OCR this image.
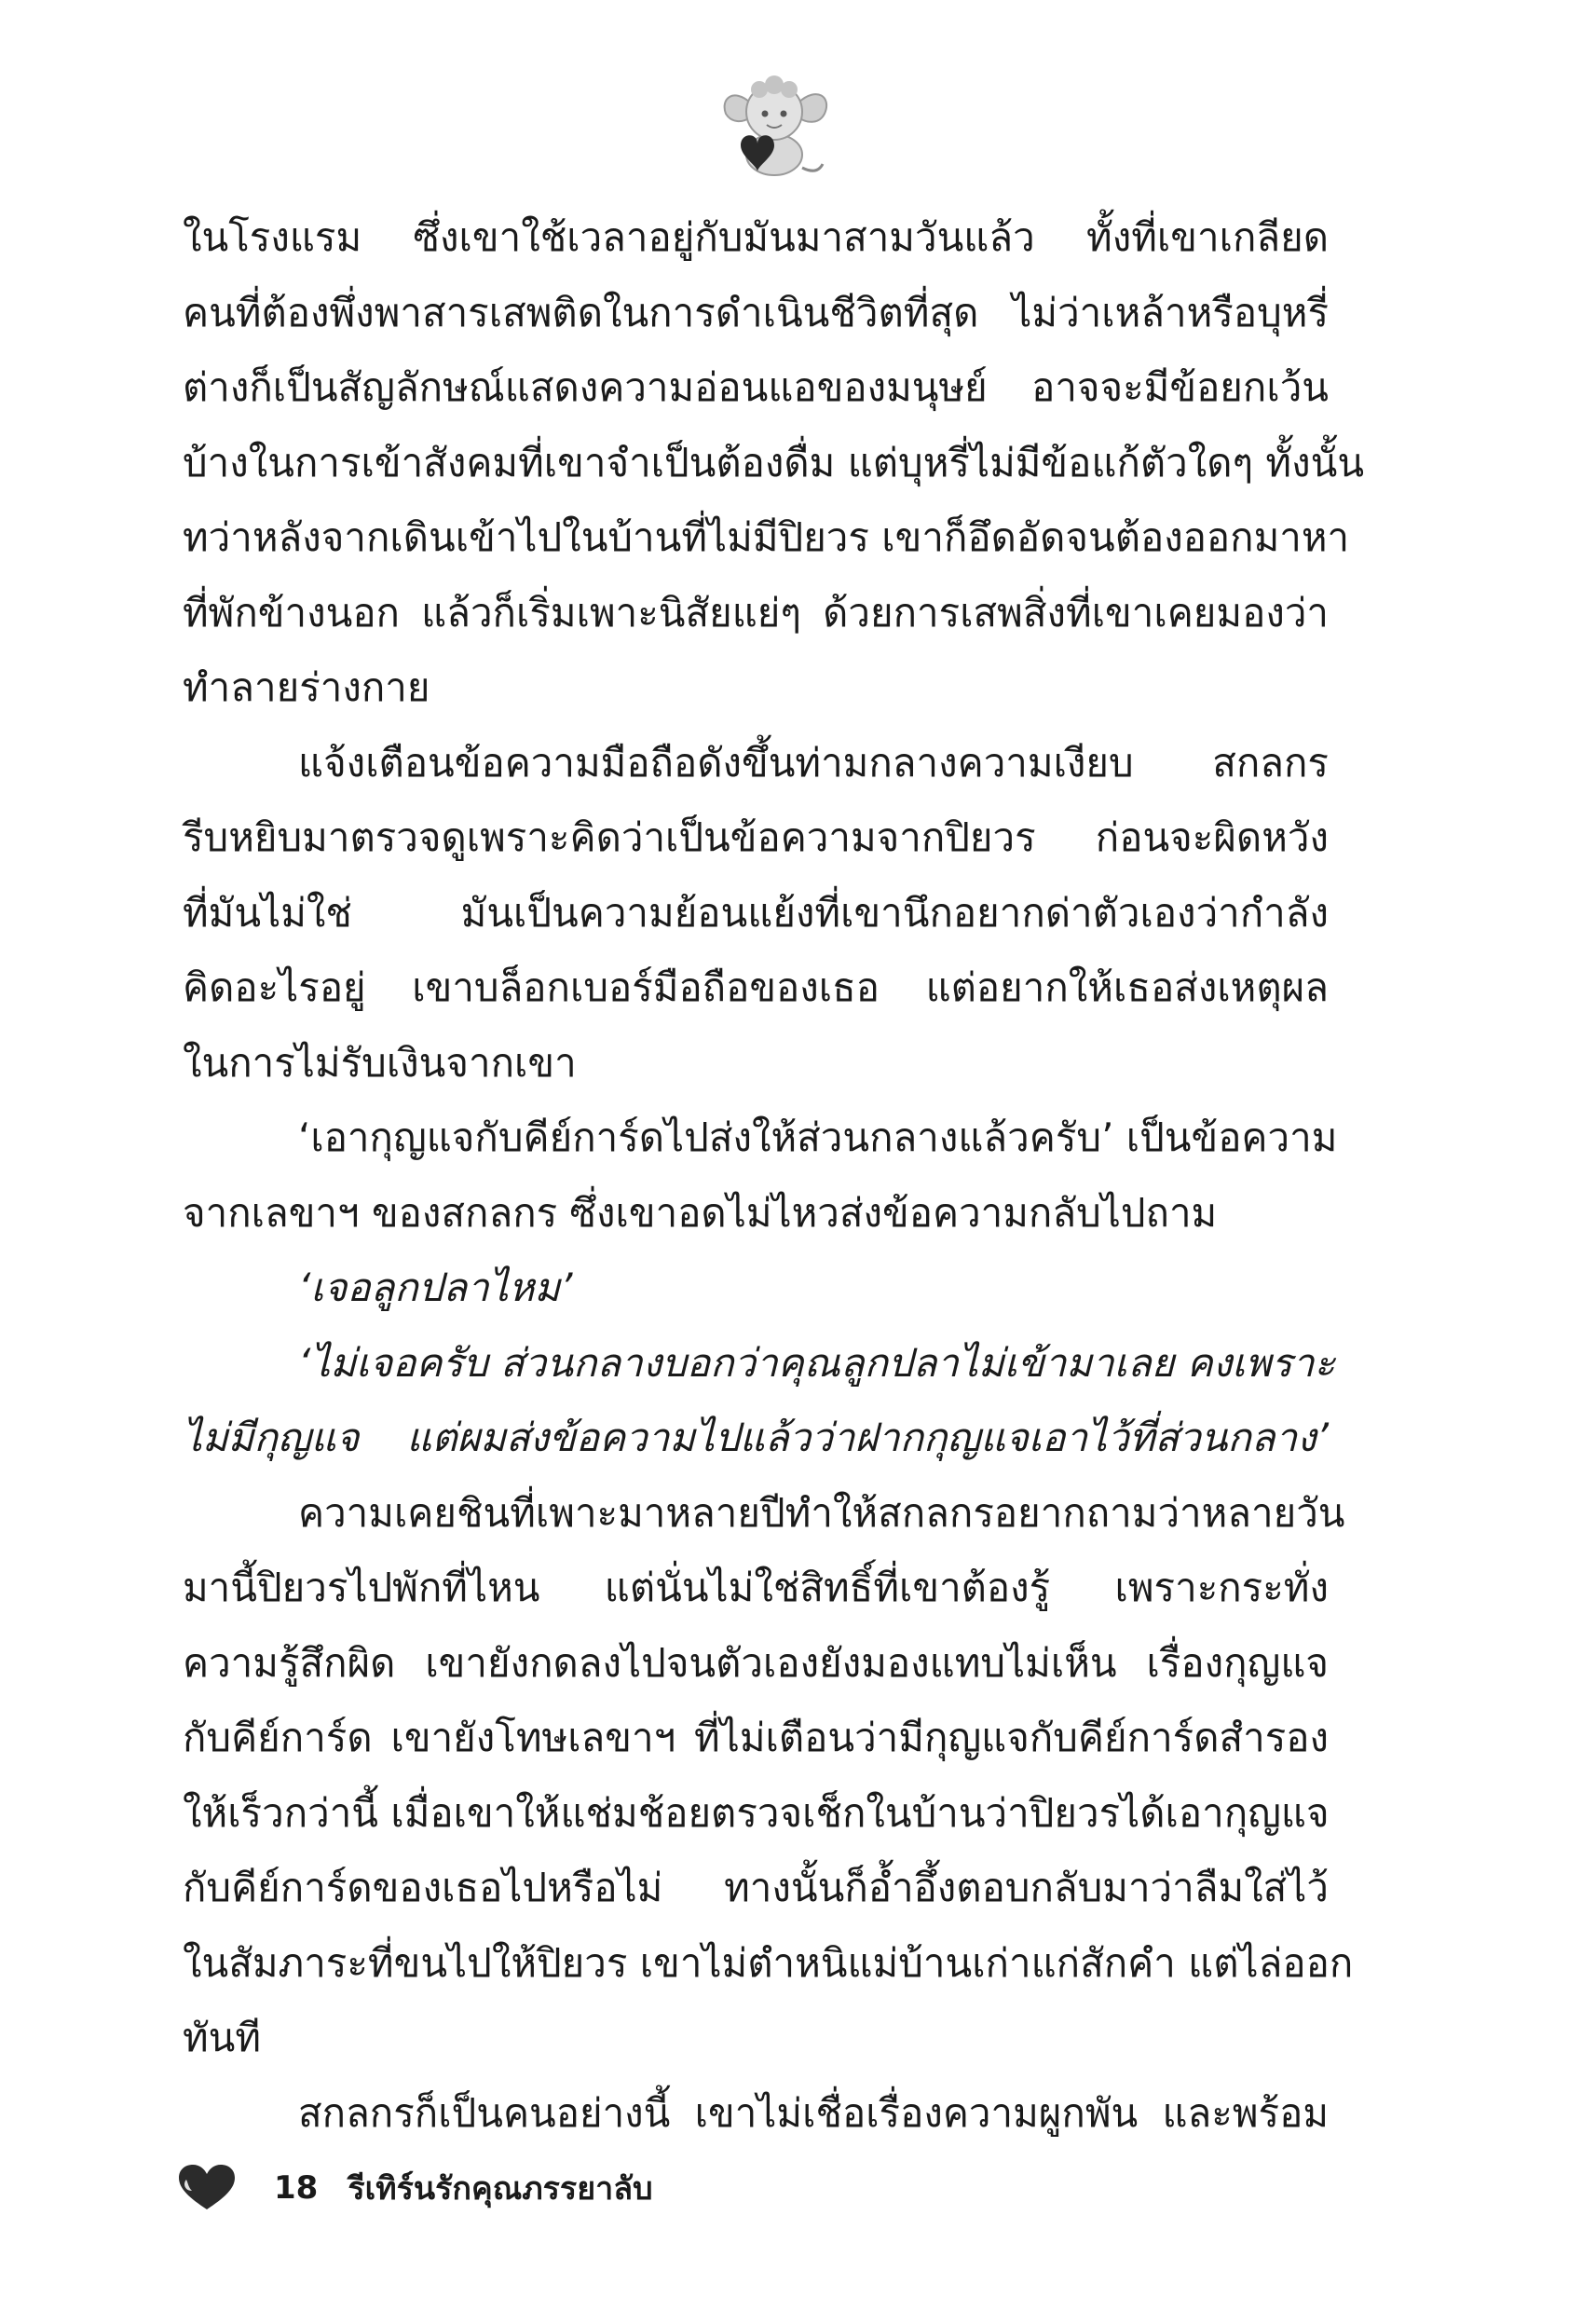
ในโรงแรม ซึ่งเขาใช้เวลาอยู่กับมันมาสามวันแล้ว ทั้งที่เขาเกลียด
คนที่ต้องพึ่งพาสารเสพติดในการดำเนินชีวิตที่สุด ไม่ว่าเหล้าหรือบุหรี่
ต่างก็เป็นสัญลักษณ์แสดงความอ่อนแอของมนุษย์ อาจจะมีข้อยกเว้น
บ้างในการเข้าสังคมที่เขาจำเป็นต้องดื่ม แต่บุหรี่ไม่มีข้อแก้ตัวใดๆ ทั้งนั้น
ทว่าหลังจากเดินเข้าไปในบ้านที่ไม่มีปิยวร เขาก็อึดอัดจนต้องออกมาหา
ที่พักข้างนอก แล้วก็เริ่มเพาะนิสัยแย่ๆ ด้วยการเสพสิ่งที่เขาเคยมองว่า
ทำลายร่างกาย
แจ้งเตือนข้อความมือถือดังขึ้นท่ามกลางความเงียบ สกลกร
รีบหยิบมาตรวจดูเพราะคิดว่าเป็นข้อความจากปิยวร ก่อนจะผิดหวัง
ที่มันไม่ใช่ มันเป็นความย้อนแย้งที่เขานึกอยากด่าตัวเองว่ากำลัง
คิดอะไรอยู่ เขาบล็อกเบอร์มือถือของเธอ แต่อยากให้เธอส่งเหตุผล
ในการไม่รับเงินจากเขา
‘เอากุญแจกับคีย์การ์ดไปส่งให้ส่วนกลางแล้วครับ’ เป็นข้อความ
จากเลขาฯ ของสกลกร ซึ่งเขาอดไม่ไหวส่งข้อความกลับไปถาม
‘เจอลูกปลาไหม’
‘ไม่เจอครับ ส่วนกลางบอกว่าคุณลูกปลาไม่เข้ามาเลย คงเพราะ
ไม่มีกุญแจ แต่ผมส่งข้อความไปแล้วว่าฝากกุญแจเอาไว้ที่ส่วนกลาง’
ความเคยชินที่เพาะมาหลายปีทำให้สกลกรอยากถามว่าหลายวัน
มานี้ปิยวรไปพักที่ไหน แต่นั่นไม่ใช่สิทธิ์ที่เขาต้องรู้ เพราะกระทั่ง
ความรู้สึกผิด เขายังกดลงไปจนตัวเองยังมองแทบไม่เห็น เรื่องกุญแจ
กับคีย์การ์ด เขายังโทษเลขาฯ ที่ไม่เตือนว่ามีกุญแจกับคีย์การ์ดสำรอง
ให้เร็วกว่านี้ เมื่อเขาให้แช่มช้อยตรวจเช็กในบ้านว่าปิยวรได้เอากุญแจ
กับคีย์การ์ดของเธอไปหรือไม่ ทางนั้นก็อ้ำอึ้งตอบกลับมาว่าลืมใส่ไว้
ในสัมภาระที่ขนไปให้ปิยวร เขาไม่ตำหนิแม่บ้านเก่าแก่สักคำ แต่ไล่ออก
ทันที
สกลกรก็เป็นคนอย่างนี้ เขาไม่เชื่อเรื่องความผูกพัน และพร้อม
18 รีเทิร์นรักคุณภรรยาลับ
